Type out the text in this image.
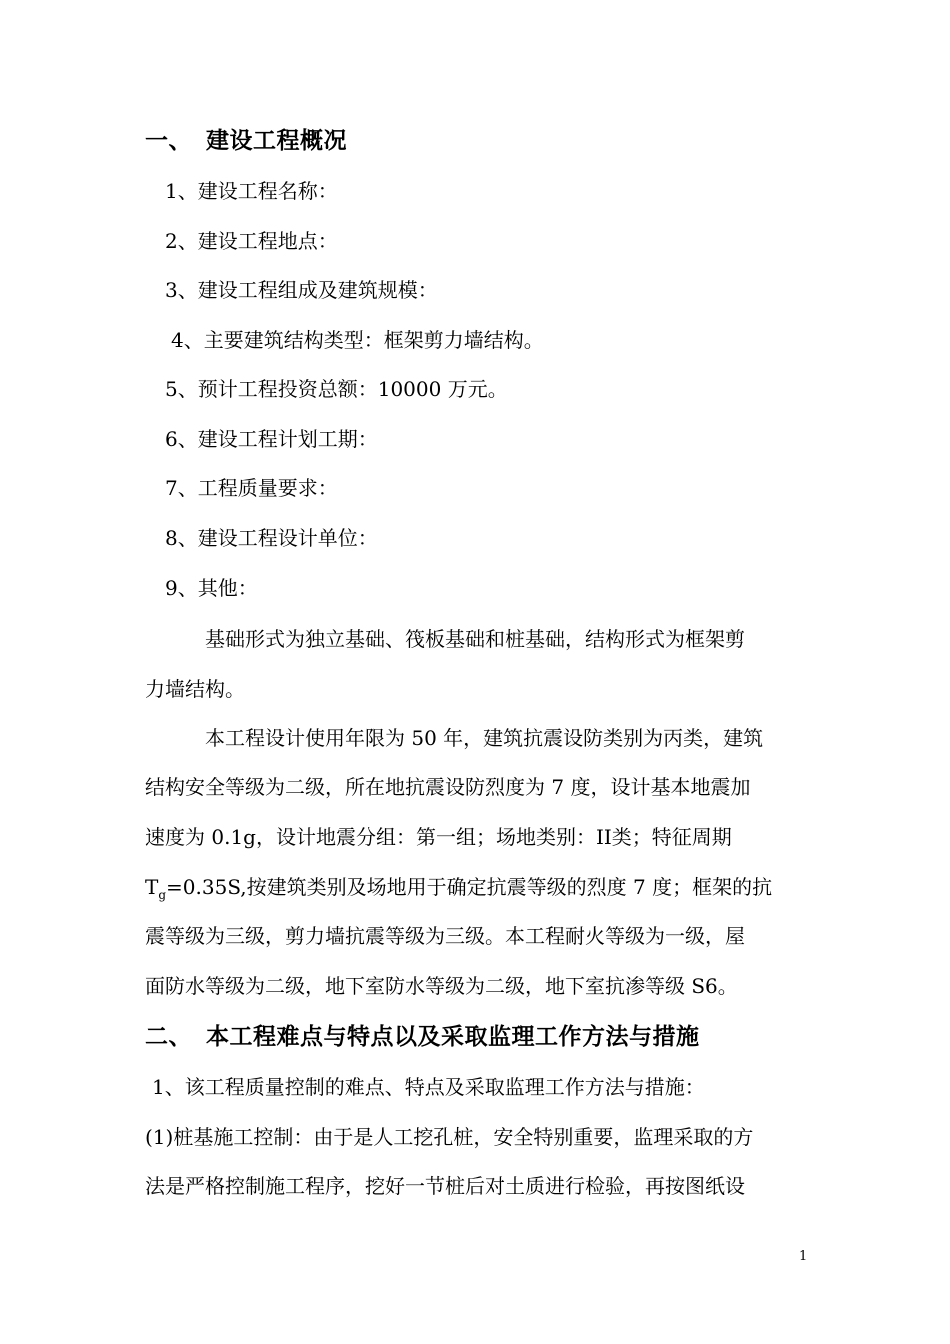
一、 建设工程概况
1、建设工程名称：
2、建设工程地点：
3、建设工程组成及建筑规模：
4、主要建筑结构类型：框架剪力墙结构。
5、预计工程投资总额：10000 万元。
6、建设工程计划工期：
7、工程质量要求：
8、建设工程设计单位：
9、其他：
基础形式为独立基础、筏板基础和桩基础，结构形式为框架剪
力墙结构。
本工程设计使用年限为 50 年，建筑抗震设防类别为丙类，建筑
结构安全等级为二级，所在地抗震设防烈度为 7 度，设计基本地震加
速度为 0.1g，设计地震分组：第一组；场地类别：II类；特征周期
$T_g=0.35S$,按建筑类别及场地用于确定抗震等级的烈度 7 度；框架的抗
震等级为三级，剪力墙抗震等级为三级。本工程耐火等级为一级，屋
面防水等级为二级，地下室防水等级为二级，地下室抗渗等级 S6。
二、 本工程难点与特点以及采取监理工作方法与措施
1、该工程质量控制的难点、特点及采取监理工作方法与措施：
(1)桩基施工控制：由于是人工挖孔桩，安全特别重要，监理采取的方
法是严格控制施工程序，挖好一节桩后对土质进行检验，再按图纸设
1
